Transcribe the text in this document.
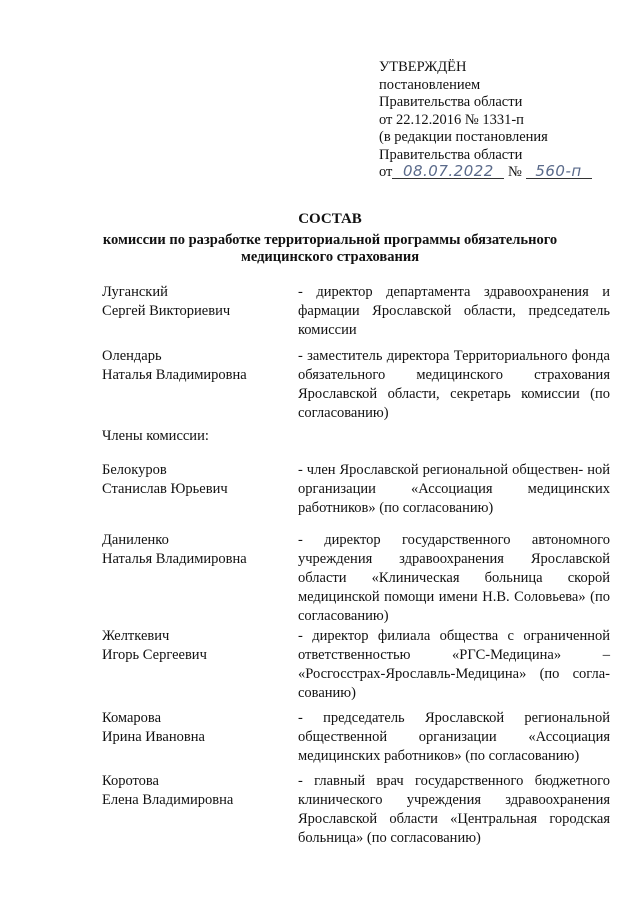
УТВЕРЖДЁН
постановлением
Правительства области
от 22.12.2016 № 1331-п
(в редакции постановления
Правительства области
от 08.07.2022 № 560-п
СОСТАВ
комиссии по разработке территориальной программы обязательного медицинского страхования
Луганский
Сергей Викториевич
- директор департамента здравоохранения и фармации Ярославской области, председатель комиссии
Олендарь
Наталья Владимировна
- заместитель директора Территориального фонда обязательного медицинского страхования Ярославской области, секретарь комиссии (по согласованию)
Члены комиссии:
Белокуров
Станислав Юрьевич
- член Ярославской региональной обществен- ной организации «Ассоциация медицинских работников» (по согласованию)
Даниленко
Наталья Владимировна
- директор государственного автономного учреждения здравоохранения Ярославской области «Клиническая больница скорой медицинской помощи имени Н.В. Соловьева» (по согласованию)
Желткевич
Игорь Сергеевич
- директор филиала общества с ограниченной ответственностью «РГС-Медицина» – «Росгосстрах-Ярославль-Медицина» (по согла- сованию)
Комарова
Ирина Ивановна
- председатель Ярославской региональной общественной организации «Ассоциация медицинских работников» (по согласованию)
Коротова
Елена Владимировна
- главный врач государственного бюджетного клинического учреждения здравоохранения Ярославской области «Центральная городская больница» (по согласованию)
